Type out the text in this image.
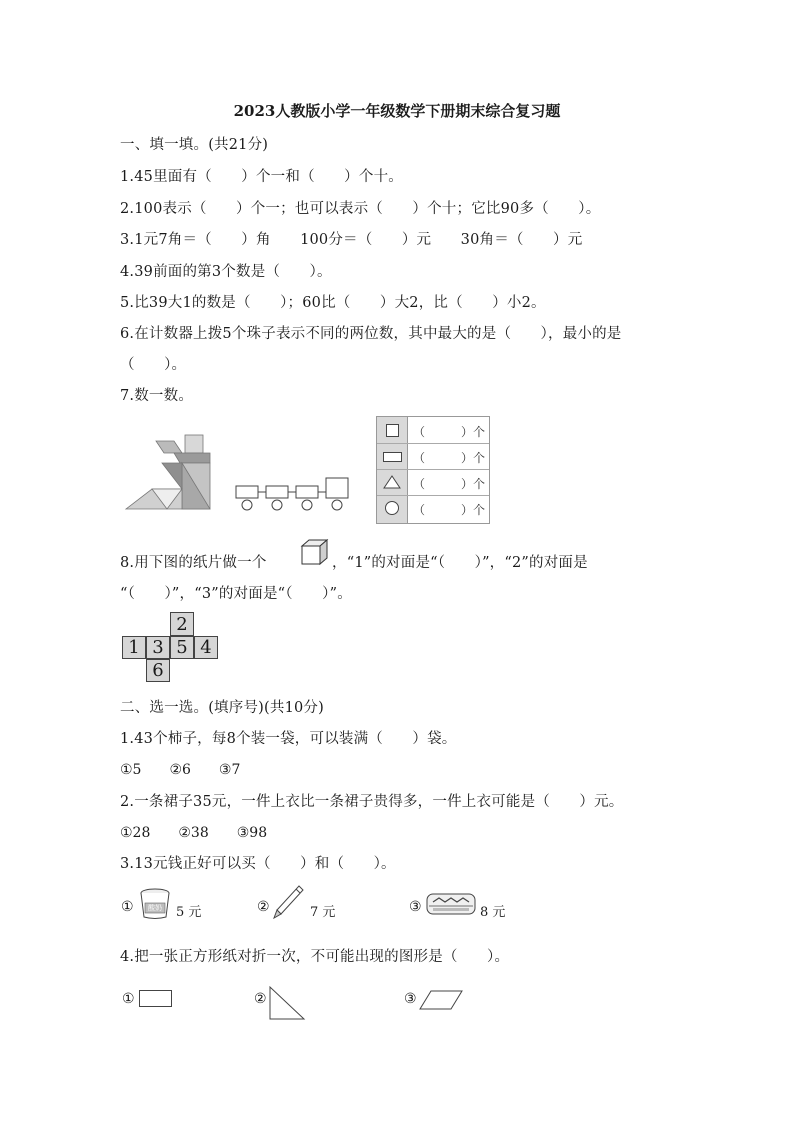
2023人教版小学一年级数学下册期末综合复习题
一、填一填。(共21分)
1.45里面有（　　）个一和（　　）个十。
2.100表示（　　）个一；也可以表示（　　）个十；它比90多（　　）。
3.1元7角＝（　　）角　　100分＝（　　）元　　30角＝（　　）元
4.39前面的第3个数是（　　）。
5.比39大1的数是（　　）；60比（　　）大2，比（　　）小2。
6.在计数器上拨5个珠子表示不同的两位数，其中最大的是（　　），最小的是
（　　）。
7.数一数。
（　　　）个
（　　　）个
（　　　）个
（　　　）个
8.用下图的纸片做一个	，“1”的对面是“（　　）”，“2”的对面是
“（　　）”，“3”的对面是“（　　）”。
2
1 3 5 4
6
二、选一选。(填序号)(共10分)
1.43个柿子，每8个装一袋，可以装满（　　）袋。
①5　　②6　　③7
2.一条裙子35元，一件上衣比一条裙子贵得多，一件上衣可能是（　　）元。
①28　　②38　　③98
3.13元钱正好可以买（　　）和（　　）。
①	酸奶 5 元	②	7 元	③	8 元
4.把一张正方形纸对折一次，不可能出现的图形是（　　）。
①	②	③
